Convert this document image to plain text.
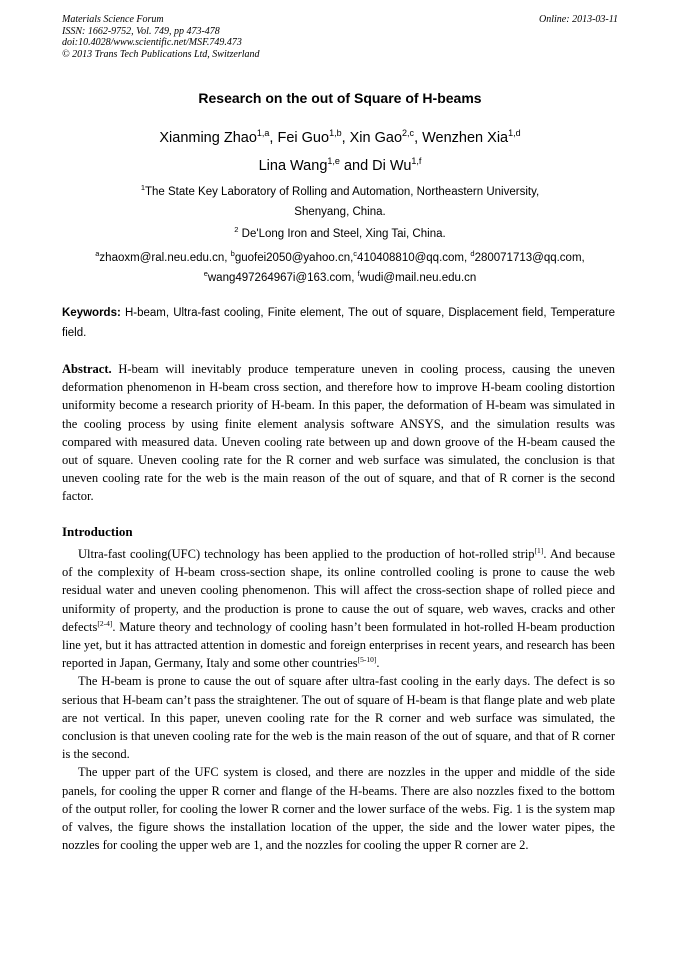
Materials Science Forum
ISSN: 1662-9752, Vol. 749, pp 473-478
doi:10.4028/www.scientific.net/MSF.749.473
© 2013 Trans Tech Publications Ltd, Switzerland
Online: 2013-03-11
Research on the out of Square of H-beams
Xianming Zhao$^{1,a}$, Fei Guo$^{1,b}$, Xin Gao$^{2,c}$, Wenzhen Xia$^{1,d}$
Lina Wang$^{1,e}$ and Di Wu$^{1,f}$
$^1$The State Key Laboratory of Rolling and Automation, Northeastern University,
Shenyang, China.
$^2$ De'Long Iron and Steel, Xing Tai, China.
$^a$zhaoxm@ral.neu.edu.cn, $^b$guofei2050@yahoo.cn,$^c$410408810@qq.com, $^d$280071713@qq.com,
$^e$wang497264967i@163.com, $^f$wudi@mail.neu.edu.cn
Keywords: H-beam, Ultra-fast cooling, Finite element, The out of square, Displacement field, Temperature field.
Abstract. H-beam will inevitably produce temperature uneven in cooling process, causing the uneven deformation phenomenon in H-beam cross section, and therefore how to improve H-beam cooling distortion uniformity become a research priority of H-beam. In this paper, the deformation of H-beam was simulated in the cooling process by using finite element analysis software ANSYS, and the simulation results was compared with measured data. Uneven cooling rate between up and down groove of the H-beam caused the out of square. Uneven cooling rate for the R corner and web surface was simulated, the conclusion is that uneven cooling rate for the web is the main reason of the out of square, and that of R corner is the second factor.
Introduction

Ultra-fast cooling(UFC) technology has been applied to the production of hot-rolled strip[1]. And because of the complexity of H-beam cross-section shape, its online controlled cooling is prone to cause the web residual water and uneven cooling phenomenon. This will affect the cross-section shape of rolled piece and uniformity of property, and the production is prone to cause the out of square, web waves, cracks and other defects[2-4]. Mature theory and technology of cooling hasn’t been formulated in hot-rolled H-beam production line yet, but it has attracted attention in domestic and foreign enterprises in recent years, and research has been reported in Japan, Germany, Italy and some other countries[5-10].

The H-beam is prone to cause the out of square after ultra-fast cooling in the early days. The defect is so serious that H-beam can’t pass the straightener. The out of square of H-beam is that flange plate and web plate are not vertical. In this paper, uneven cooling rate for the R corner and web surface was simulated, the conclusion is that uneven cooling rate for the web is the main reason of the out of square, and that of R corner is the second.

The upper part of the UFC system is closed, and there are nozzles in the upper and middle of the side panels, for cooling the upper R corner and flange of the H-beams. There are also nozzles fixed to the bottom of the output roller, for cooling the lower R corner and the lower surface of the webs. Fig. 1 is the system map of valves, the figure shows the installation location of the upper, the side and the lower water pipes, the nozzles for cooling the upper web are 1, and the nozzles for cooling the upper R corner are 2.
